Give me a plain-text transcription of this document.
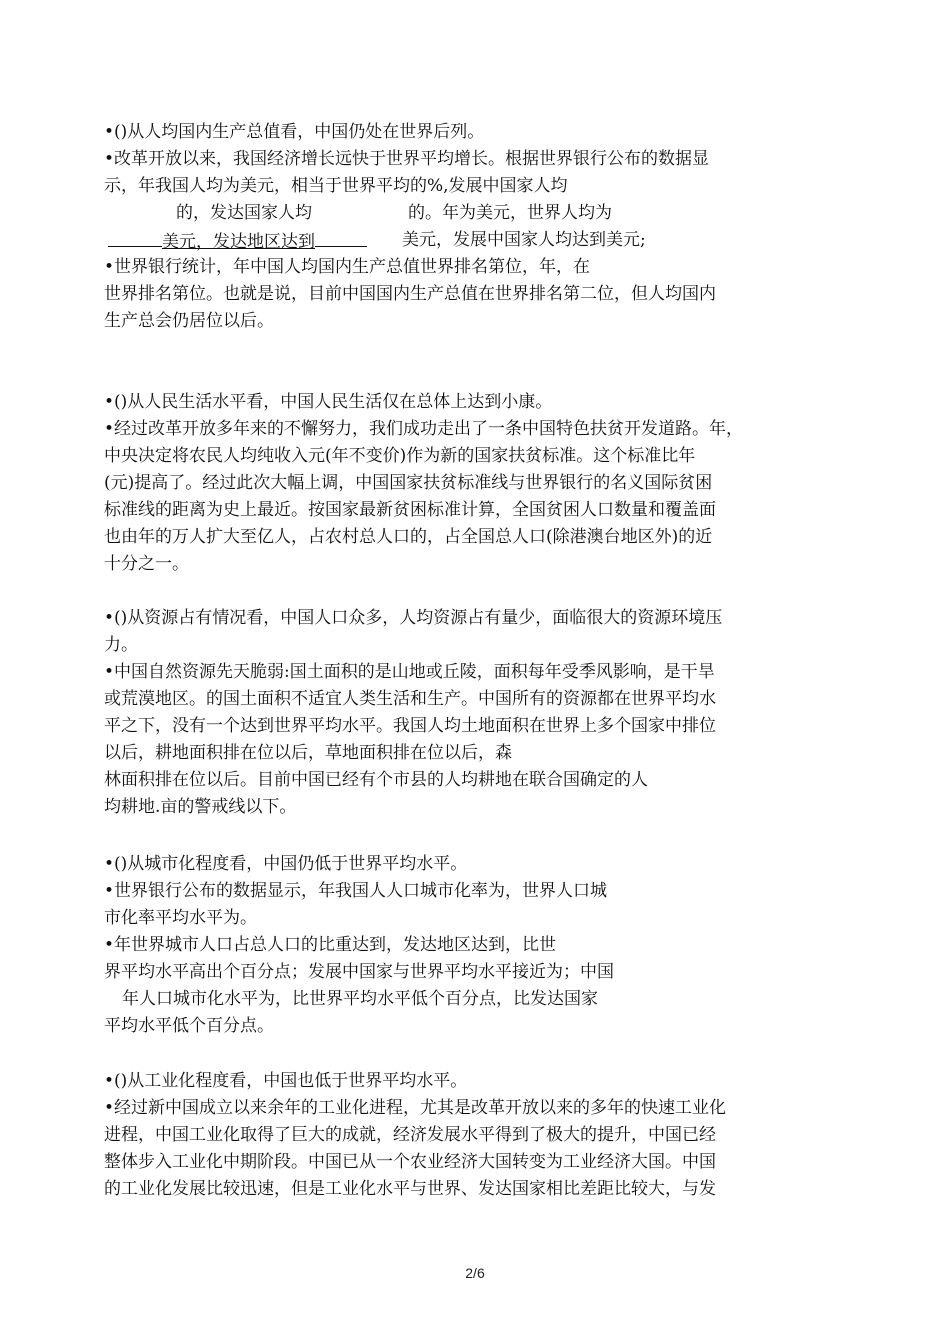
•()从人均国内生产总值看，中国仍处在世界后列。
•改革开放以来，我国经济增长远快于世界平均增长。根据世界银行公布的数据显
示，年我国人均为美元，相当于世界平均的%,发展中国家人均
的，发达国家人均	的。年为美元，世界人均为
美元，发达地区达到	美元，发展中国家人均达到美元;
•世界银行统计，年中国人均国内生产总值世界排名第位，年，在
世界排名第位。也就是说，目前中国国内生产总值在世界排名第二位，但人均国内
生产总会仍居位以后。
•()从人民生活水平看，中国人民生活仅在总体上达到小康。
•经过改革开放多年来的不懈努力，我们成功走出了一条中国特色扶贫开发道路。年，
中央决定将农民人均纯收入元(年不变价)作为新的国家扶贫标准。这个标准比年
(元)提高了。经过此次大幅上调，中国国家扶贫标准线与世界银行的名义国际贫困
标准线的距离为史上最近。按国家最新贫困标准计算，全国贫困人口数量和覆盖面
也由年的万人扩大至亿人，占农村总人口的，占全国总人口(除港澳台地区外)的近
十分之一。
•()从资源占有情况看，中国人口众多，人均资源占有量少，面临很大的资源环境压
力。
•中国自然资源先天脆弱:国土面积的是山地或丘陵，面积每年受季风影响，是干旱
或荒漠地区。的国土面积不适宜人类生活和生产。中国所有的资源都在世界平均水
平之下，没有一个达到世界平均水平。我国人均土地面积在世界上多个国家中排位
以后，耕地面积排在位以后，草地面积排在位以后，森
林面积排在位以后。目前中国已经有个市县的人均耕地在联合国确定的人
均耕地.亩的警戒线以下。
•()从城市化程度看，中国仍低于世界平均水平。
•世界银行公布的数据显示，年我国人人口城市化率为，世界人口城
市化率平均水平为。
•年世界城市人口占总人口的比重达到，发达地区达到，比世
界平均水平高出个百分点；发展中国家与世界平均水平接近为；中国
年人口城市化水平为，比世界平均水平低个百分点，比发达国家
平均水平低个百分点。
•()从工业化程度看，中国也低于世界平均水平。
•经过新中国成立以来余年的工业化进程，尤其是改革开放以来的多年的快速工业化
进程，中国工业化取得了巨大的成就，经济发展水平得到了极大的提升，中国已经
整体步入工业化中期阶段。中国已从一个农业经济大国转变为工业经济大国。中国
的工业化发展比较迅速，但是工业化水平与世界、发达国家相比差距比较大，与发
2/6
